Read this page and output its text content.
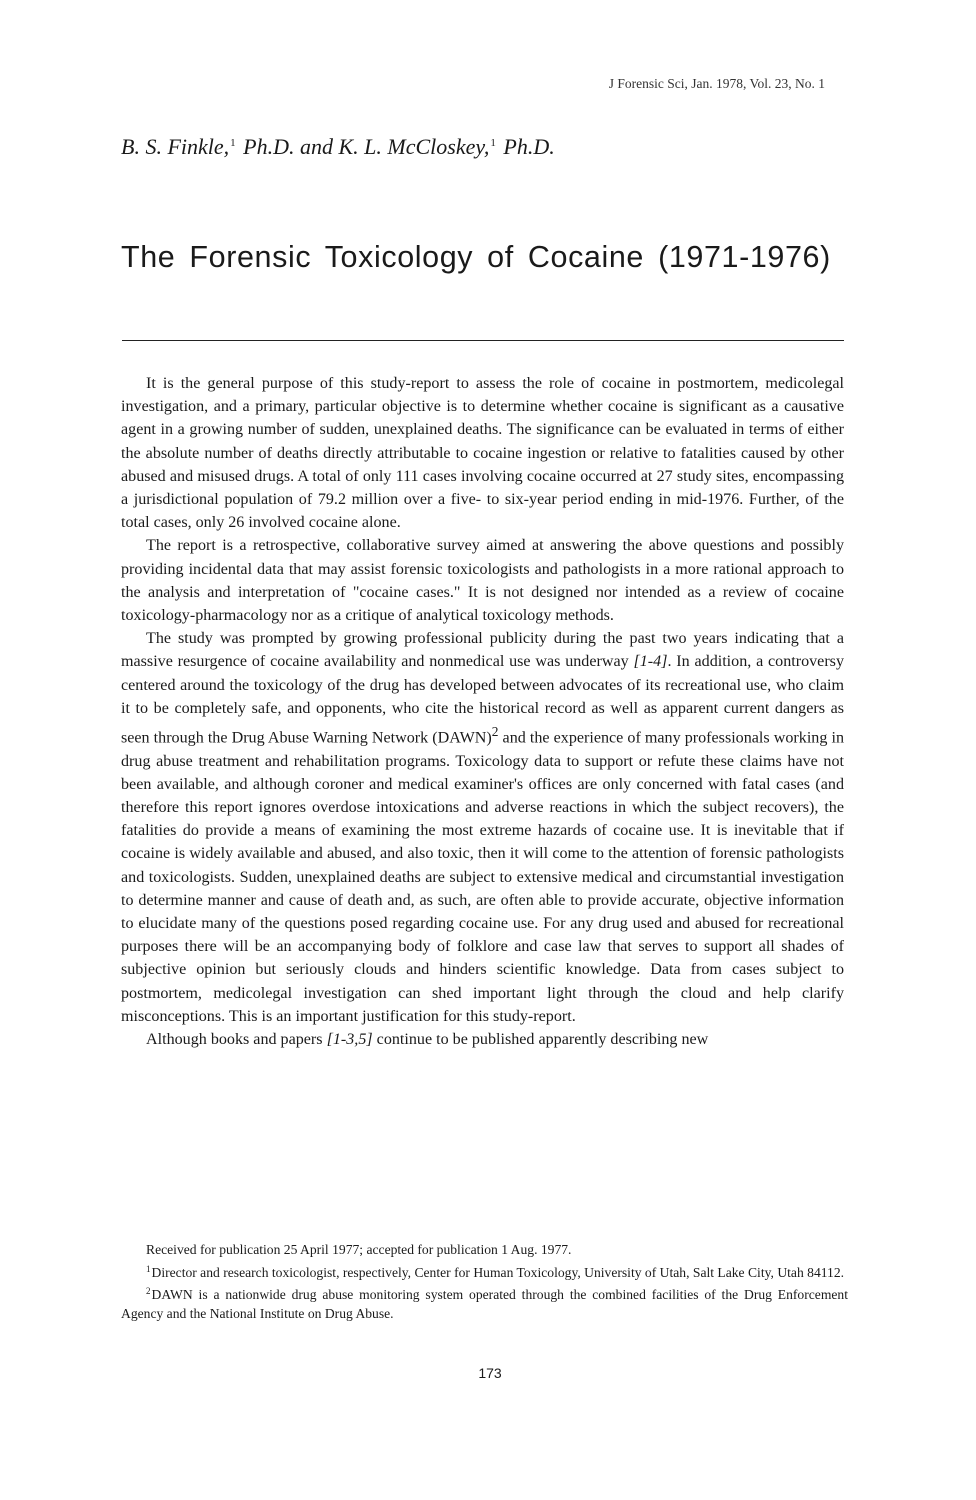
J Forensic Sci, Jan. 1978, Vol. 23, No. 1
B. S. Finkle,$^1$ Ph.D. and K. L. McCloskey,$^1$ Ph.D.
The Forensic Toxicology of Cocaine (1971-1976)

It is the general purpose of this study-report to assess the role of cocaine in postmortem, medicolegal investigation, and a primary, particular objective is to determine whether cocaine is significant as a causative agent in a growing number of sudden, unexplained deaths. The significance can be evaluated in terms of either the absolute number of deaths directly attributable to cocaine ingestion or relative to fatalities caused by other abused and misused drugs. A total of only 111 cases involving cocaine occurred at 27 study sites, encompassing a jurisdictional population of 79.2 million over a five- to six-year period ending in mid-1976. Further, of the total cases, only 26 involved cocaine alone.

The report is a retrospective, collaborative survey aimed at answering the above questions and possibly providing incidental data that may assist forensic toxicologists and pathologists in a more rational approach to the analysis and interpretation of "cocaine cases." It is not designed nor intended as a review of cocaine toxicology-pharmacology nor as a critique of analytical toxicology methods.

The study was prompted by growing professional publicity during the past two years indicating that a massive resurgence of cocaine availability and nonmedical use was underway [1-4]. In addition, a controversy centered around the toxicology of the drug has developed between advocates of its recreational use, who claim it to be completely safe, and opponents, who cite the historical record as well as apparent current dangers as seen through the Drug Abuse Warning Network (DAWN)$^2$ and the experience of many professionals working in drug abuse treatment and rehabilitation programs. Toxicology data to support or refute these claims have not been available, and although coroner and medical examiner's offices are only concerned with fatal cases (and therefore this report ignores overdose intoxications and adverse reactions in which the subject recovers), the fatalities do provide a means of examining the most extreme hazards of cocaine use. It is inevitable that if cocaine is widely available and abused, and also toxic, then it will come to the attention of forensic pathologists and toxicologists. Sudden, unexplained deaths are subject to extensive medical and circumstantial investigation to determine manner and cause of death and, as such, are often able to provide accurate, objective information to elucidate many of the questions posed regarding cocaine use. For any drug used and abused for recreational purposes there will be an accompanying body of folklore and case law that serves to support all shades of subjective opinion but seriously clouds and hinders scientific knowledge. Data from cases subject to postmortem, medicolegal investigation can shed important light through the cloud and help clarify misconceptions. This is an important justification for this study-report.

Although books and papers [1-3,5] continue to be published apparently describing new

Received for publication 25 April 1977; accepted for publication 1 Aug. 1977.

$^1$Director and research toxicologist, respectively, Center for Human Toxicology, University of Utah, Salt Lake City, Utah 84112.

$^2$DAWN is a nationwide drug abuse monitoring system operated through the combined facilities of the Drug Enforcement Agency and the National Institute on Drug Abuse.

173
